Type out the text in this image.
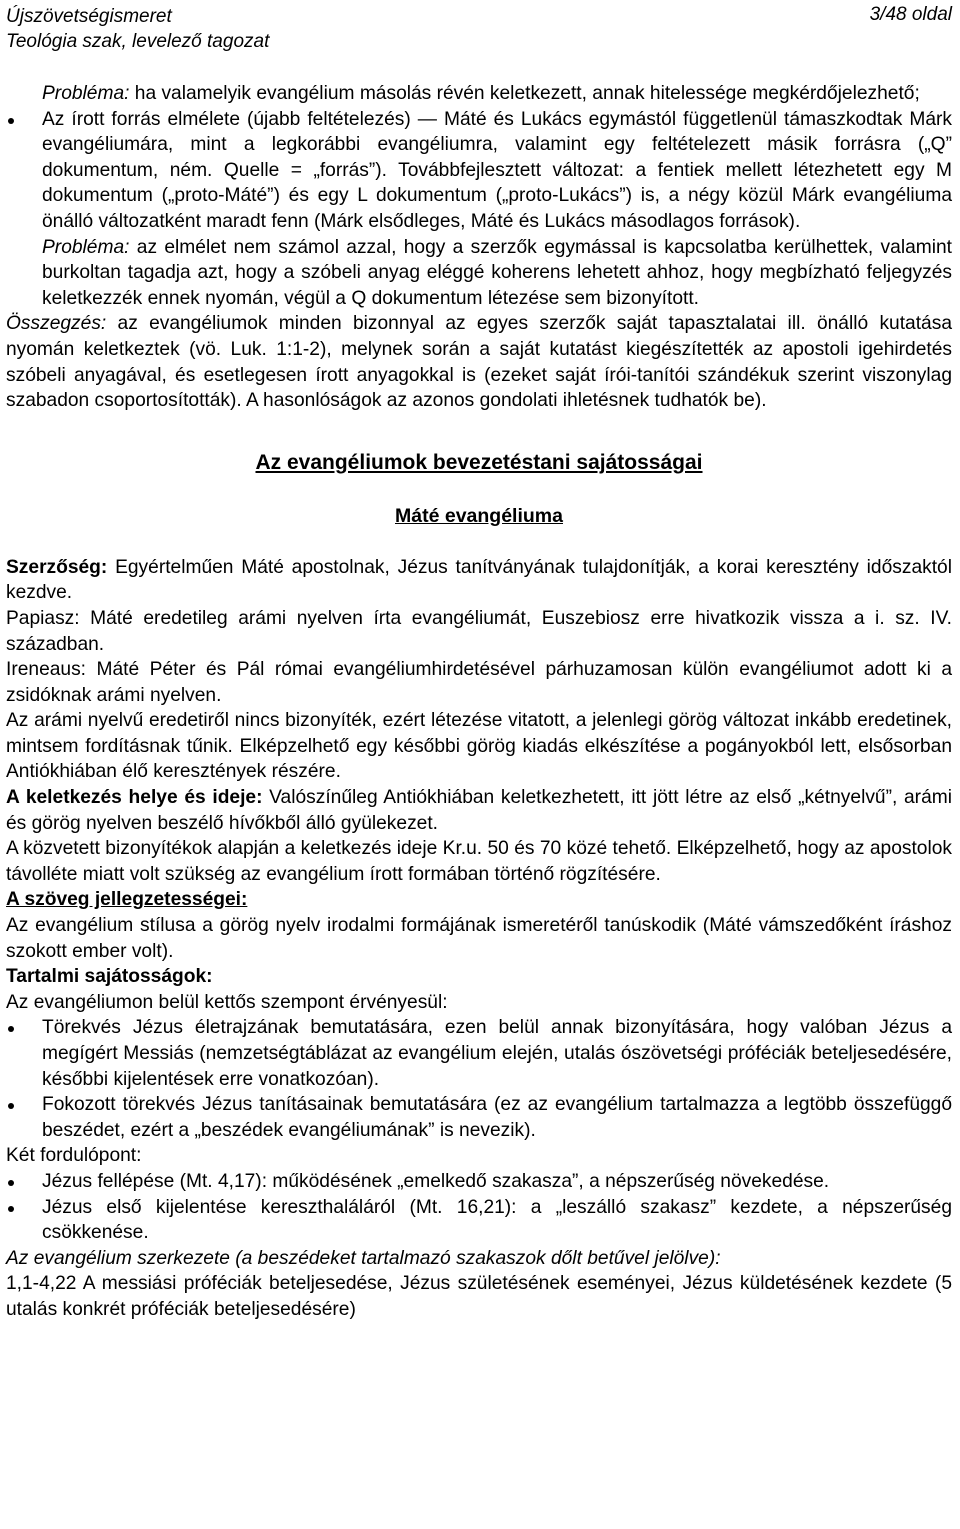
Újszövetségismeret
Teológia szak, levelező tagozat
3/48 oldal
Probléma: ha valamelyik evangélium másolás révén keletkezett, annak hitelessége megkérdőjelezhető;
Az írott forrás elmélete (újabb feltételezés) — Máté és Lukács egymástól függetlenül támaszkodtak Márk evangéliumára, mint a legkorábbi evangéliumra, valamint egy feltételezett másik forrásra („Q” dokumentum, ném. Quelle = „forrás”). Továbbfejlesztett változat: a fentiek mellett létezhetett egy M dokumentum („proto-Máté”) és egy L dokumentum („proto-Lukács”) is, a négy közül Márk evangéliuma önálló változatként maradt fenn (Márk elsődleges, Máté és Lukács másodlagos források).
Probléma: az elmélet nem számol azzal, hogy a szerzők egymással is kapcsolatba kerülhettek, valamint burkoltan tagadja azt, hogy a szóbeli anyag eléggé koherens lehetett ahhoz, hogy megbízható feljegyzés keletkezzék ennek nyomán, végül a Q dokumentum létezése sem bizonyított.
Összegzés: az evangéliumok minden bizonnyal az egyes szerzők saját tapasztalatai ill. önálló kutatása nyomán keletkeztek (vö. Luk. 1:1-2), melynek során a saját kutatást kiegészítették az apostoli igehirdetés szóbeli anyagával, és esetlegesen írott anyagokkal is (ezeket saját írói-tanítói szándékuk szerint viszonylag szabadon csoportosították). A hasonlóságok az azonos gondolati ihletésnek tudhatók be).
Az evangéliumok bevezetéstani sajátosságai
Máté evangéliuma
Szerzőség: Egyértelműen Máté apostolnak, Jézus tanítványának tulajdonítják, a korai keresztény időszaktól kezdve.
Papiasz: Máté eredetileg arámi nyelven írta evangéliumát, Euszebiosz erre hivatkozik vissza a i. sz. IV. században.
Ireneaus: Máté Péter és Pál római evangéliumhirdetésével párhuzamosan külön evangéliumot adott ki a zsidóknak arámi nyelven.
Az arámi nyelvű eredetiről nincs bizonyíték, ezért létezése vitatott, a jelenlegi görög változat inkább eredetinek, mintsem fordításnak tűnik. Elképzelhető egy későbbi görög kiadás elkészítése a pogányokból lett, elsősorban Antiókhiában élő keresztények részére.
A keletkezés helye és ideje: Valószínűleg Antiókhiában keletkezhetett, itt jött létre az első „kétnyelvű”, arámi és görög nyelven beszélő hívőkből álló gyülekezet.
A közvetett bizonyítékok alapján a keletkezés ideje Kr.u. 50 és 70 közé tehető. Elképzelhető, hogy az apostolok távolléte miatt volt szükség az evangélium írott formában történő rögzítésére.
A szöveg jellegzetességei:
Az evangélium stílusa a görög nyelv irodalmi formájának ismeretéről tanúskodik (Máté vámszedőként íráshoz szokott ember volt).
Tartalmi sajátosságok:
Az evangéliumon belül kettős szempont érvényesül:
Törekvés Jézus életrajzának bemutatására, ezen belül annak bizonyítására, hogy valóban Jézus a megígért Messiás (nemzetségtáblázat az evangélium elején, utalás ószövetségi próféciák beteljesedésére, későbbi kijelentések erre vonatkozóan).
Fokozott törekvés Jézus tanításainak bemutatására (ez az evangélium tartalmazza a legtöbb összefüggő beszédet, ezért a „beszédek evangéliumának” is nevezik).
Két fordulópont:
Jézus fellépése (Mt. 4,17): működésének „emelkedő szakasza”, a népszerűség növekedése.
Jézus első kijelentése kereszthaláláról (Mt. 16,21): a „leszálló szakasz” kezdete, a népszerűség csökkenése.
Az evangélium szerkezete (a beszédeket tartalmazó szakaszok dőlt betűvel jelölve):
1,1-4,22 A messiási próféciák beteljesedése, Jézus születésének eseményei, Jézus küldetésének kezdete (5 utalás konkrét próféciák beteljesedésére)
